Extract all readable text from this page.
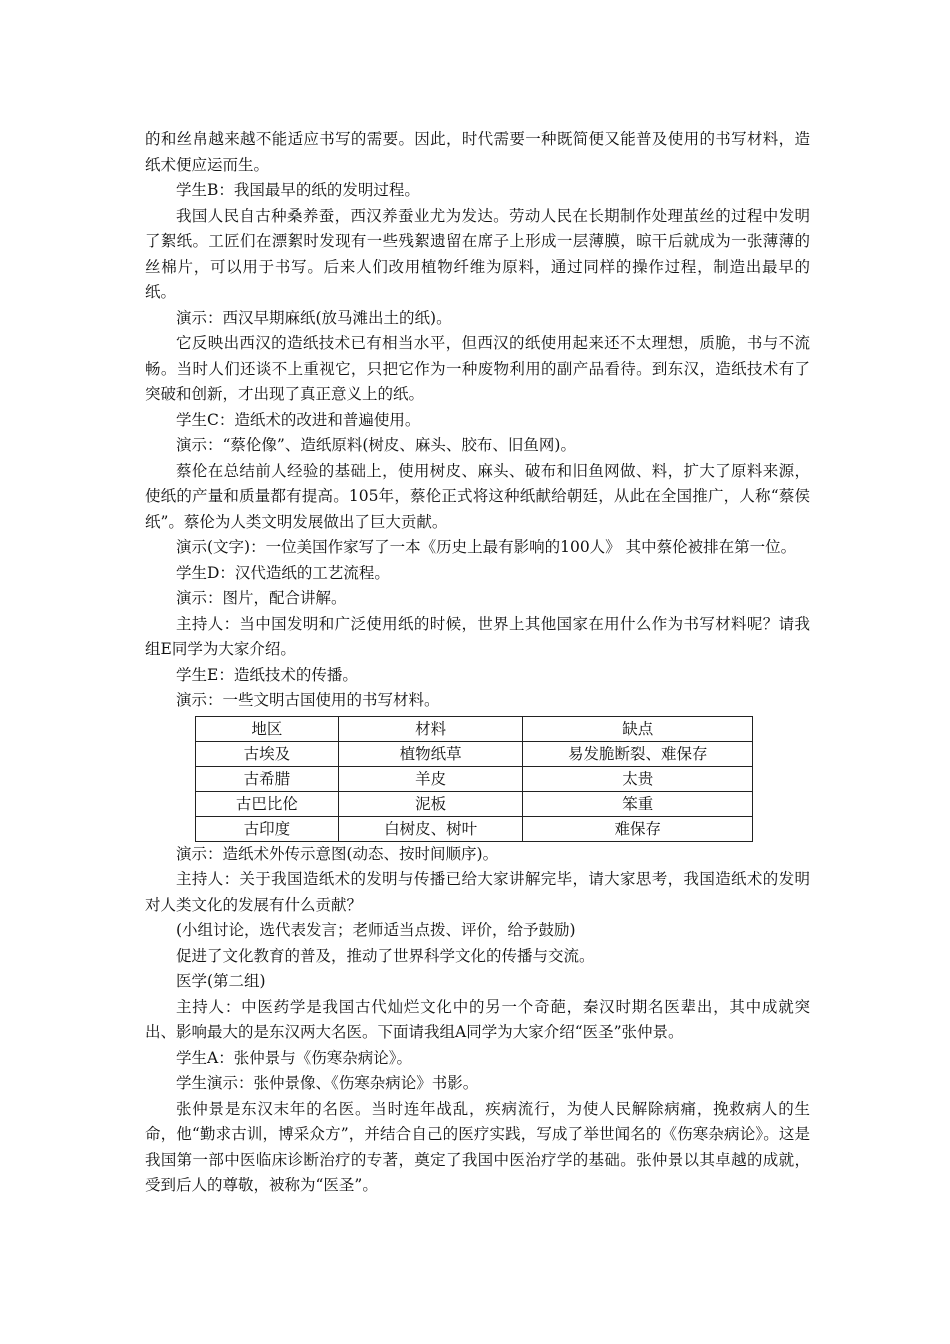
的和丝帛越来越不能适应书写的需要。因此，时代需要一种既简便又能普及使用的书写材料，造纸术便应运而生。

学生B：我国最早的纸的发明过程。

我国人民自古种桑养蚕，西汉养蚕业尤为发达。劳动人民在长期制作处理茧丝的过程中发明了絮纸。工匠们在漂絮时发现有一些残絮遗留在席子上形成一层薄膜，晾干后就成为一张薄薄的丝棉片，可以用于书写。后来人们改用植物纤维为原料，通过同样的操作过程，制造出最早的纸。

演示：西汉早期麻纸(放马滩出土的纸)。

它反映出西汉的造纸技术已有相当水平，但西汉的纸使用起来还不太理想，质脆，书与不流畅。当时人们还谈不上重视它，只把它作为一种废物利用的副产品看待。到东汉，造纸技术有了突破和创新，才出现了真正意义上的纸。

学生C：造纸术的改进和普遍使用。

演示：“蔡伦像”、造纸原料(树皮、麻头、胶布、旧鱼网)。

蔡伦在总结前人经验的基础上，使用树皮、麻头、破布和旧鱼网做、料，扩大了原料来源，使纸的产量和质量都有提高。105年，蔡伦正式将这种纸献给朝廷，从此在全国推广，人称“蔡侯纸”。蔡伦为人类文明发展做出了巨大贡献。

演示(文字)：一位美国作家写了一本《历史上最有影响的100人》 其中蔡伦被排在第一位。

学生D：汉代造纸的工艺流程。

演示：图片，配合讲解。

主持人：当中国发明和广泛使用纸的时候，世界上其他国家在用什么作为书写材料呢？请我组E同学为大家介绍。

学生E：造纸技术的传播。

演示：一些文明古国使用的书写材料。

地区	材料	缺点
古埃及	植物纸草	易发脆断裂、难保存
古希腊	羊皮	太贵
古巴比伦	泥板	笨重
古印度	白树皮、树叶	难保存

演示：造纸术外传示意图(动态、按时间顺序)。

主持人：关于我国造纸术的发明与传播已给大家讲解完毕，请大家思考，我国造纸术的发明对人类文化的发展有什么贡献？

(小组讨论，选代表发言；老师适当点拨、评价，给予鼓励)

促进了文化教育的普及，推动了世界科学文化的传播与交流。

医学(第二组)

主持人：中医药学是我国古代灿烂文化中的另一个奇葩，秦汉时期名医辈出，其中成就突出、影响最大的是东汉两大名医。下面请我组A同学为大家介绍“医圣”张仲景。

学生A：张仲景与《伤寒杂病论》。

学生演示：张仲景像、《伤寒杂病论》书影。

张仲景是东汉末年的名医。当时连年战乱，疾病流行，为使人民解除病痛，挽救病人的生命，他“勤求古训，博采众方”，并结合自己的医疗实践，写成了举世闻名的《伤寒杂病论》。这是我国第一部中医临床诊断治疗的专著，奠定了我国中医治疗学的基础。张仲景以其卓越的成就，受到后人的尊敬，被称为“医圣”。
